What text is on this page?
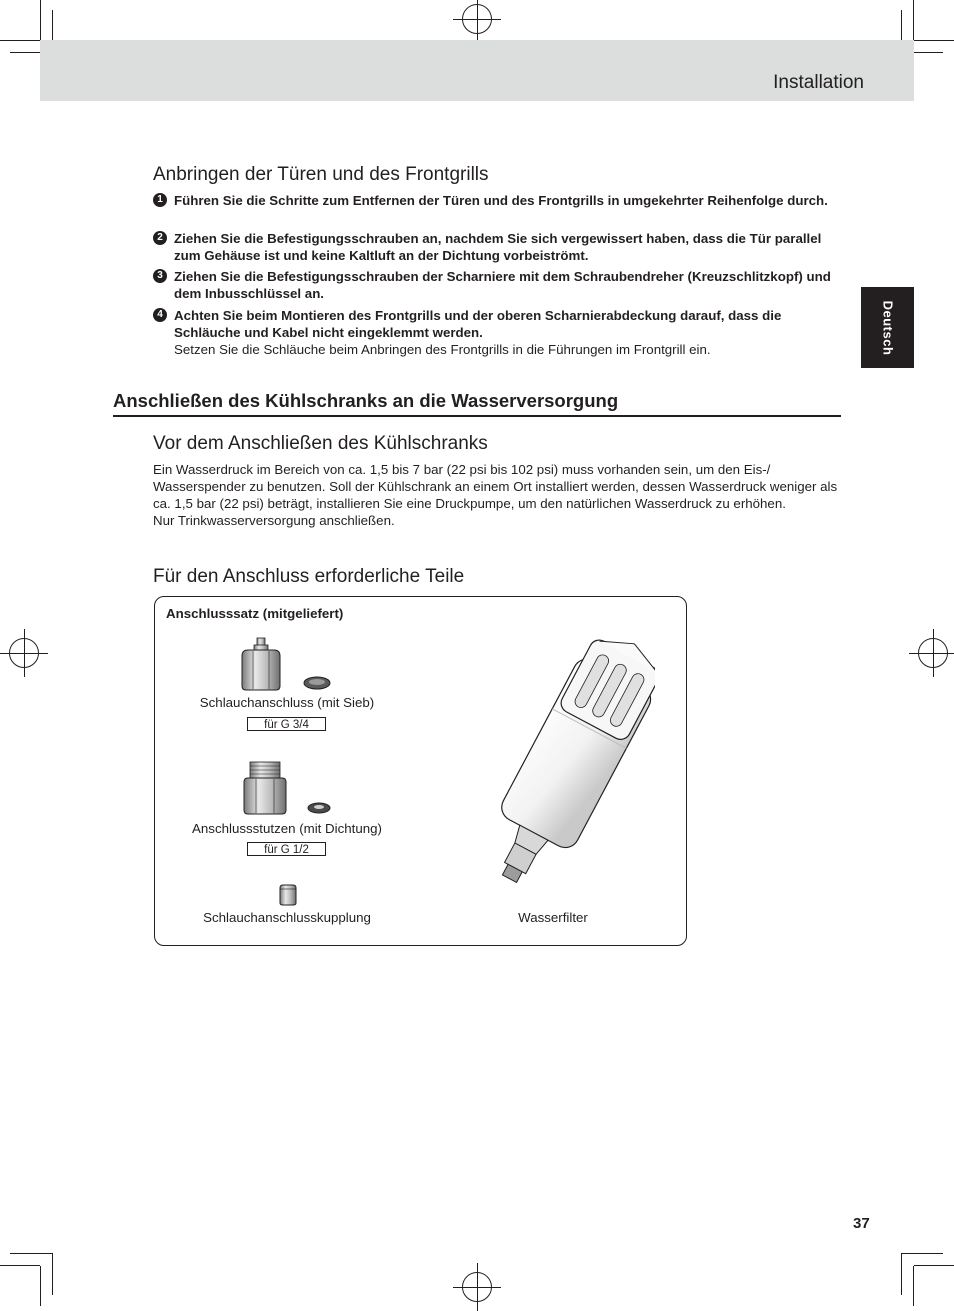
Installation
Deutsch
Anbringen der Türen und des Frontgrills
1 Führen Sie die Schritte zum Entfernen der Türen und des Frontgrills in umgekehrter Reihenfolge durch.
2 Ziehen Sie die Befestigungsschrauben an, nachdem Sie sich vergewissert haben, dass die Tür parallel zum Gehäuse ist und keine Kaltluft an der Dichtung vorbeiströmt.
3 Ziehen Sie die Befestigungsschrauben der Scharniere mit dem Schraubendreher (Kreuzschlitzkopf) und dem Inbusschlüssel an.
4 Achten Sie beim Montieren des Frontgrills und der oberen Scharnierabdeckung darauf, dass die Schläuche und Kabel nicht eingeklemmt werden.
Setzen Sie die Schläuche beim Anbringen des Frontgrills in die Führungen im Frontgrill ein.
Anschließen des Kühlschranks an die Wasserversorgung
Vor dem Anschließen des Kühlschranks

Ein Wasserdruck im Bereich von ca. 1,5 bis 7 bar (22 psi bis 102 psi) muss vorhanden sein, um den Eis-/ Wasserspender zu benutzen. Soll der Kühlschrank an einem Ort installiert werden, dessen Wasserdruck weniger als ca. 1,5 bar (22 psi) beträgt, installieren Sie eine Druckpumpe, um den natürlichen Wasserdruck zu erhöhen.

Nur Trinkwasserversorgung anschließen.

Für den Anschluss erforderliche Teile
Anschlusssatz (mitgeliefert)
Schlauchanschluss (mit Sieb)
für G 3/4
Anschlussstutzen (mit Dichtung)
für G 1/2
Schlauchanschlusskupplung	Wasserfilter
37
